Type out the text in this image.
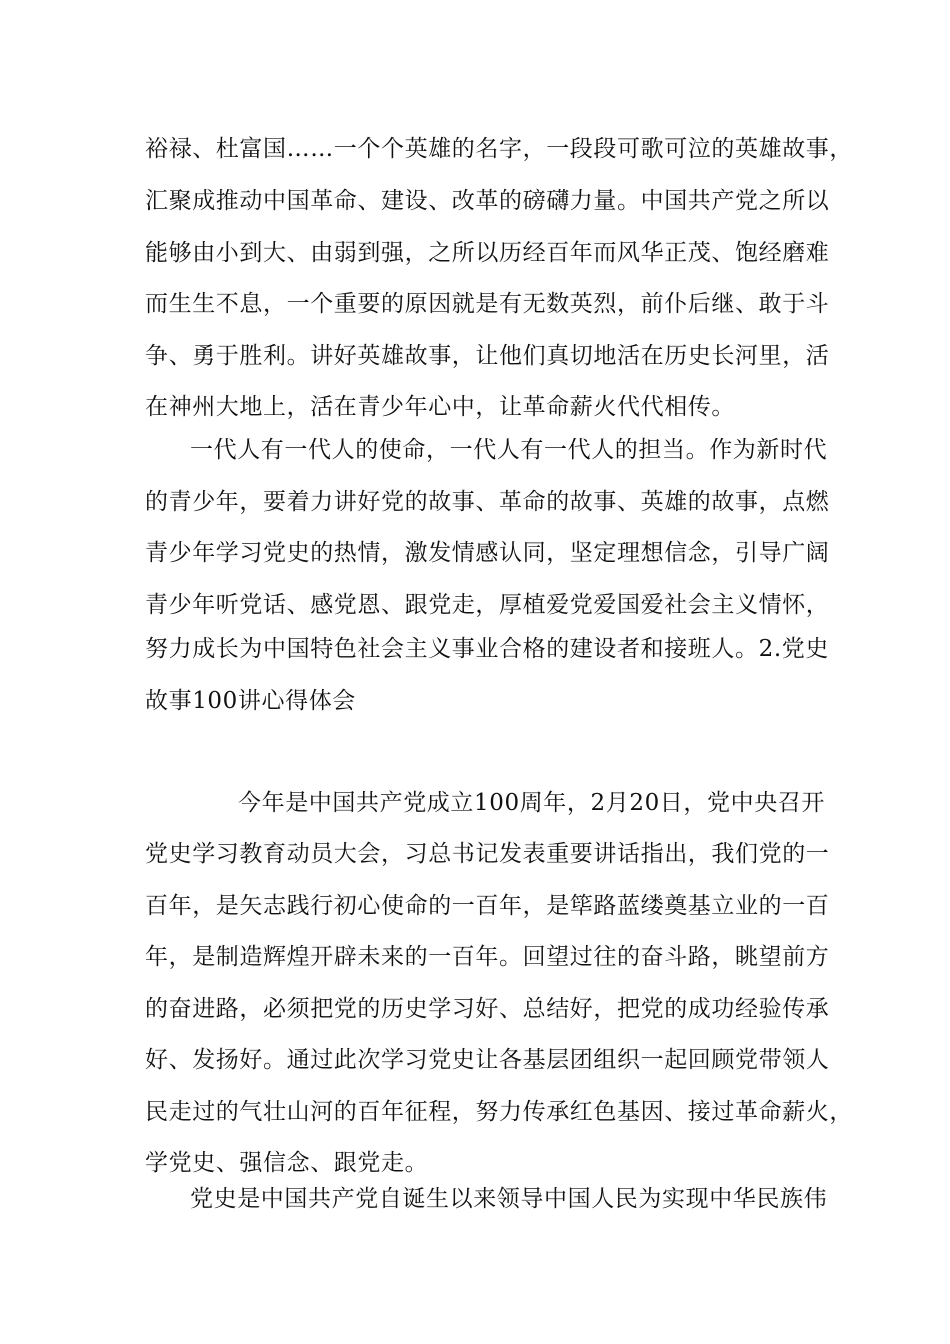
裕禄、杜富国……一个个英雄的名字，一段段可歌可泣的英雄故事，
汇聚成推动中国革命、建设、改革的磅礴力量。中国共产党之所以
能够由小到大、由弱到强，之所以历经百年而风华正茂、饱经磨难
而生生不息，一个重要的原因就是有无数英烈，前仆后继、敢于斗
争、勇于胜利。讲好英雄故事，让他们真切地活在历史长河里，活
在神州大地上，活在青少年心中，让革命薪火代代相传。
一代人有一代人的使命，一代人有一代人的担当。作为新时代
的青少年，要着力讲好党的故事、革命的故事、英雄的故事，点燃
青少年学习党史的热情，激发情感认同，坚定理想信念，引导广阔
青少年听党话、感党恩、跟党走，厚植爱党爱国爱社会主义情怀，
努力成长为中国特色社会主义事业合格的建设者和接班人。2.党史
故事100讲心得体会
今年是中国共产党成立100周年，2月20日，党中央召开
党史学习教育动员大会，习总书记发表重要讲话指出，我们党的一
百年，是矢志践行初心使命的一百年，是筚路蓝缕奠基立业的一百
年，是制造辉煌开辟未来的一百年。回望过往的奋斗路，眺望前方
的奋进路，必须把党的历史学习好、总结好，把党的成功经验传承
好、发扬好。通过此次学习党史让各基层团组织一起回顾党带领人
民走过的气壮山河的百年征程，努力传承红色基因、接过革命薪火，
学党史、强信念、跟党走。
党史是中国共产党自诞生以来领导中国人民为实现中华民族伟
